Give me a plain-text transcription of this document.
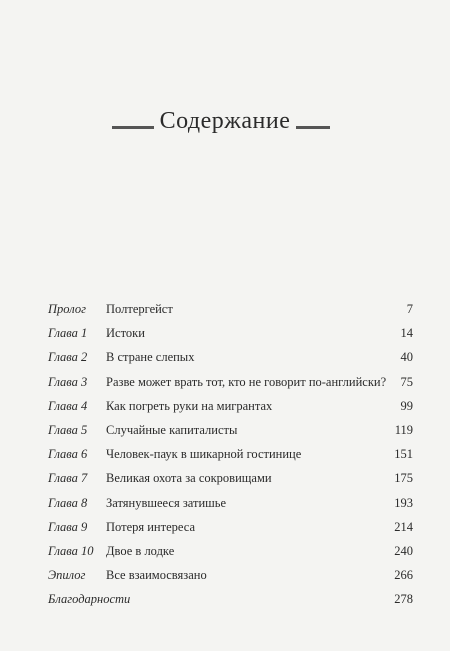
Содержание
Пролог Полтергейст	7
Глава 1 Истоки	14
Глава 2 В стране слепых	40
Глава 3 Разве может врать тот, кто не говорит по-английски? 75
Глава 4 Как погреть руки на мигрантах	99
Глава 5 Случайные капиталисты	119
Глава 6 Человек-паук в шикарной гостинице	151
Глава 7 Великая охота за сокровищами	175
Глава 8 Затянувшееся затишье	193
Глава 9 Потеря интереса	214
Глава 10 Двое в лодке	240
Эпилог Все взаимосвязано	266
Благодарности	278
